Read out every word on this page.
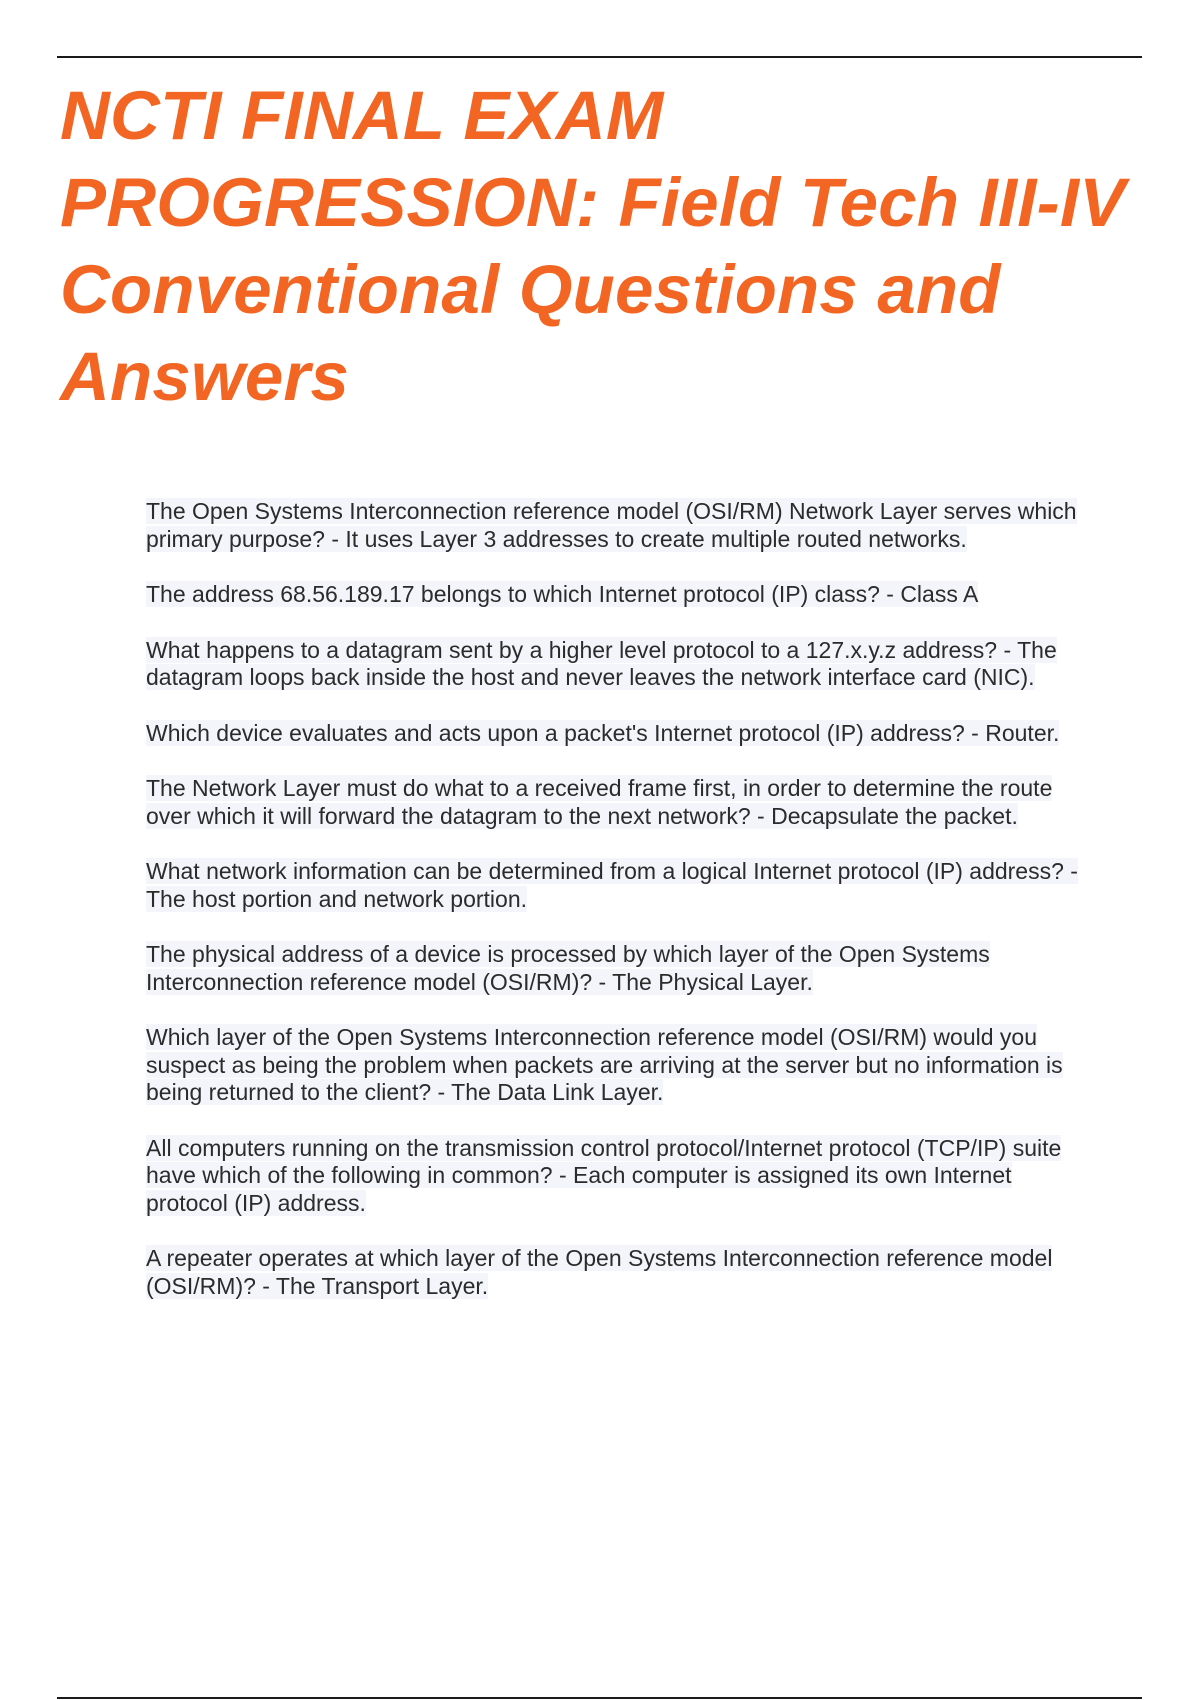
NCTI FINAL EXAM PROGRESSION: Field Tech III-IV Conventional Questions and Answers
The Open Systems Interconnection reference model (OSI/RM) Network Layer serves which primary purpose? - It uses Layer 3 addresses to create multiple routed networks.
The address 68.56.189.17 belongs to which Internet protocol (IP) class? - Class A
What happens to a datagram sent by a higher level protocol to a 127.x.y.z address? - The datagram loops back inside the host and never leaves the network interface card (NIC).
Which device evaluates and acts upon a packet's Internet protocol (IP) address? - Router.
The Network Layer must do what to a received frame first, in order to determine the route over which it will forward the datagram to the next network? - Decapsulate the packet.
What network information can be determined from a logical Internet protocol (IP) address? - The host portion and network portion.
The physical address of a device is processed by which layer of the Open Systems Interconnection reference model (OSI/RM)? - The Physical Layer.
Which layer of the Open Systems Interconnection reference model (OSI/RM) would you suspect as being the problem when packets are arriving at the server but no information is being returned to the client? - The Data Link Layer.
All computers running on the transmission control protocol/Internet protocol (TCP/IP) suite have which of the following in common? - Each computer is assigned its own Internet protocol (IP) address.
A repeater operates at which layer of the Open Systems Interconnection reference model (OSI/RM)? - The Transport Layer.
